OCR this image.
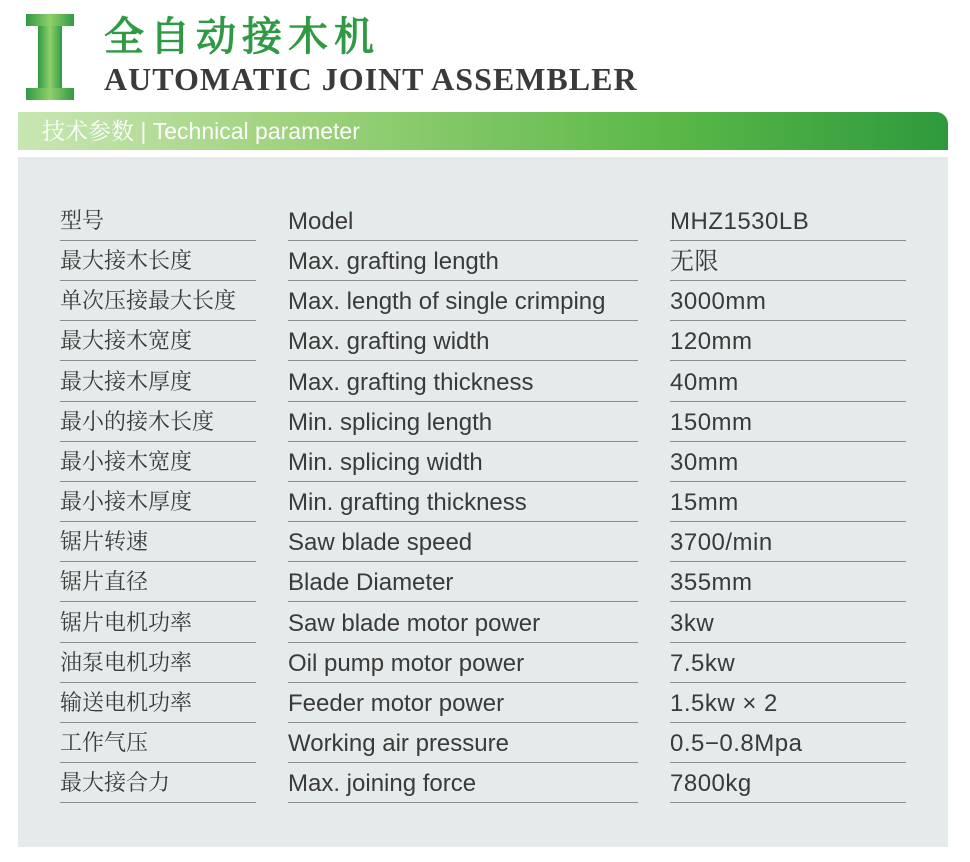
全自动接木机
AUTOMATIC JOINT ASSEMBLER
技术参数 | Technical parameter
型号	Model	MHZ1530LB
最大接木长度	Max. grafting length	无限
单次压接最大长度	Max. length of single crimping	3000mm
最大接木宽度	Max. grafting width	120mm
最大接木厚度	Max. grafting thickness	40mm
最小的接木长度	Min. splicing length	150mm
最小接木宽度	Min. splicing width	30mm
最小接木厚度	Min. grafting thickness	15mm
锯片转速	Saw blade speed	3700/min
锯片直径	Blade Diameter	355mm
锯片电机功率	Saw blade motor power	3kw
油泵电机功率	Oil pump motor power	7.5kw
输送电机功率	Feeder motor power	1.5kw × 2
工作气压	Working air pressure	0.5−0.8Mpa
最大接合力	Max. joining force	7800kg
